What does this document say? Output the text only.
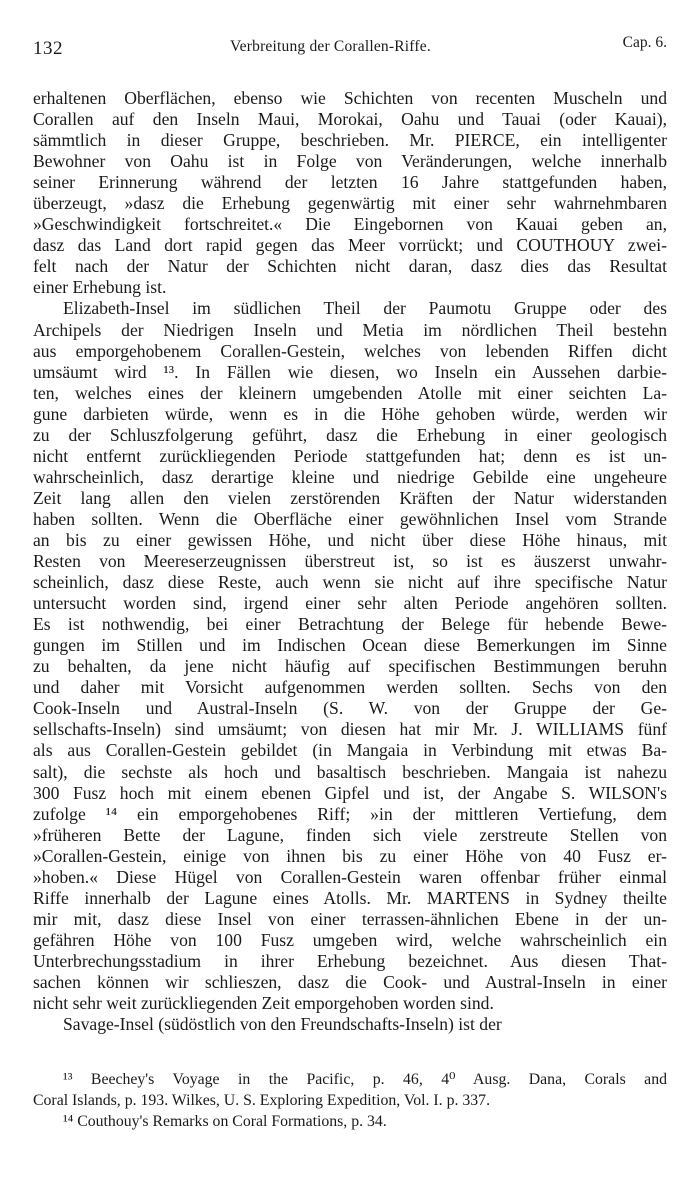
132	Verbreitung der Corallen-Riffe.	Cap. 6.
erhaltenen Oberflächen, ebenso wie Schichten von recenten Muscheln und
Corallen auf den Inseln Maui, Morokai, Oahu und Tauai (oder Kauai),
sämmtlich in dieser Gruppe, beschrieben. Mr. PIERCE, ein intelligenter
Bewohner von Oahu ist in Folge von Veränderungen, welche innerhalb
seiner Erinnerung während der letzten 16 Jahre stattgefunden haben,
überzeugt, »dasz die Erhebung gegenwärtig mit einer sehr wahrnehmbaren
»Geschwindigkeit fortschreitet.« Die Eingebornen von Kauai geben an,
dasz das Land dort rapid gegen das Meer vorrückt; und COUTHOUY zwei-
felt nach der Natur der Schichten nicht daran, dasz dies das Resultat
einer Erhebung ist.
Elizabeth-Insel im südlichen Theil der Paumotu Gruppe oder des
Archipels der Niedrigen Inseln und Metia im nördlichen Theil bestehn
aus emporgehobenem Corallen-Gestein, welches von lebenden Riffen dicht
umsäumt wird ¹³. In Fällen wie diesen, wo Inseln ein Aussehen darbie-
ten, welches eines der kleinern umgebenden Atolle mit einer seichten La-
gune darbieten würde, wenn es in die Höhe gehoben würde, werden wir
zu der Schluszfolgerung geführt, dasz die Erhebung in einer geologisch
nicht entfernt zurückliegenden Periode stattgefunden hat; denn es ist un-
wahrscheinlich, dasz derartige kleine und niedrige Gebilde eine ungeheure
Zeit lang allen den vielen zerstörenden Kräften der Natur widerstanden
haben sollten. Wenn die Oberfläche einer gewöhnlichen Insel vom Strande
an bis zu einer gewissen Höhe, und nicht über diese Höhe hinaus, mit
Resten von Meereserzeugnissen überstreut ist, so ist es äuszerst unwahr-
scheinlich, dasz diese Reste, auch wenn sie nicht auf ihre specifische Natur
untersucht worden sind, irgend einer sehr alten Periode angehören sollten.
Es ist nothwendig, bei einer Betrachtung der Belege für hebende Bewe-
gungen im Stillen und im Indischen Ocean diese Bemerkungen im Sinne
zu behalten, da jene nicht häufig auf specifischen Bestimmungen beruhn
und daher mit Vorsicht aufgenommen werden sollten. Sechs von den
Cook-Inseln und Austral-Inseln (S. W. von der Gruppe der Ge-
sellschafts-Inseln) sind umsäumt; von diesen hat mir Mr. J. WILLIAMS fünf
als aus Corallen-Gestein gebildet (in Mangaia in Verbindung mit etwas Ba-
salt), die sechste als hoch und basaltisch beschrieben. Mangaia ist nahezu
300 Fusz hoch mit einem ebenen Gipfel und ist, der Angabe S. WILSON's
zufolge ¹⁴ ein emporgehobenes Riff; »in der mittleren Vertiefung, dem
»früheren Bette der Lagune, finden sich viele zerstreute Stellen von
»Corallen-Gestein, einige von ihnen bis zu einer Höhe von 40 Fusz er-
»hoben.« Diese Hügel von Corallen-Gestein waren offenbar früher einmal
Riffe innerhalb der Lagune eines Atolls. Mr. MARTENS in Sydney theilte
mir mit, dasz diese Insel von einer terrassen-ähnlichen Ebene in der un-
gefähren Höhe von 100 Fusz umgeben wird, welche wahrscheinlich ein
Unterbrechungsstadium in ihrer Erhebung bezeichnet. Aus diesen That-
sachen können wir schlieszen, dasz die Cook- und Austral-Inseln in einer
nicht sehr weit zurückliegenden Zeit emporgehoben worden sind.
Savage-Insel (südöstlich von den Freundschafts-Inseln) ist der
¹³ Beechey's Voyage in the Pacific, p. 46, 4⁰ Ausg. Dana, Corals and
Coral Islands, p. 193. Wilkes, U. S. Exploring Expedition, Vol. I. p. 337.
¹⁴ Couthouy's Remarks on Coral Formations, p. 34.
